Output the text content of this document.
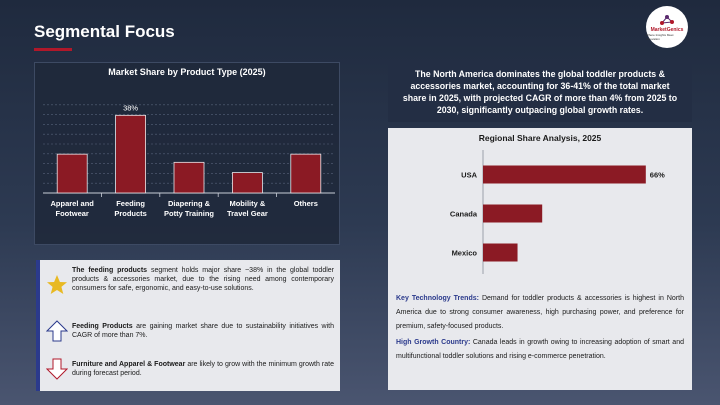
Segmental Focus	MarketGenics
Where Insights Meet Innovation
Market Share by Product Type (2025)
Apparel and
Footwear
38%
Feeding
Products
Diapering &
Potty Training
Mobility &
Travel Gear
Others
The feeding products segment holds major share ~38% in the global toddler products & accessories market, due to the rising need among contemporary consumers for safe, ergonomic, and easy-to-use solutions.
Feeding Products are gaining market share due to sustainability initiatives with CAGR of more than 7%.
Furniture and Apparel & Footwear are likely to grow with the minimum growth rate during forecast period.
The North America dominates the global toddler products & accessories market, accounting for 36-41% of the total market share in 2025, with projected CAGR of more than 4% from 2025 to 2030, significantly outpacing global growth rates.
Regional Share Analysis, 2025
USA	66%
Canada
Mexico
Key Technology Trends: Demand for toddler products & accessories is highest in North America due to strong consumer awareness, high purchasing power, and preference for premium, safety-focused products.
High Growth Country: Canada leads in growth owing to increasing adoption of smart and multifunctional toddler solutions and rising e-commerce penetration.
